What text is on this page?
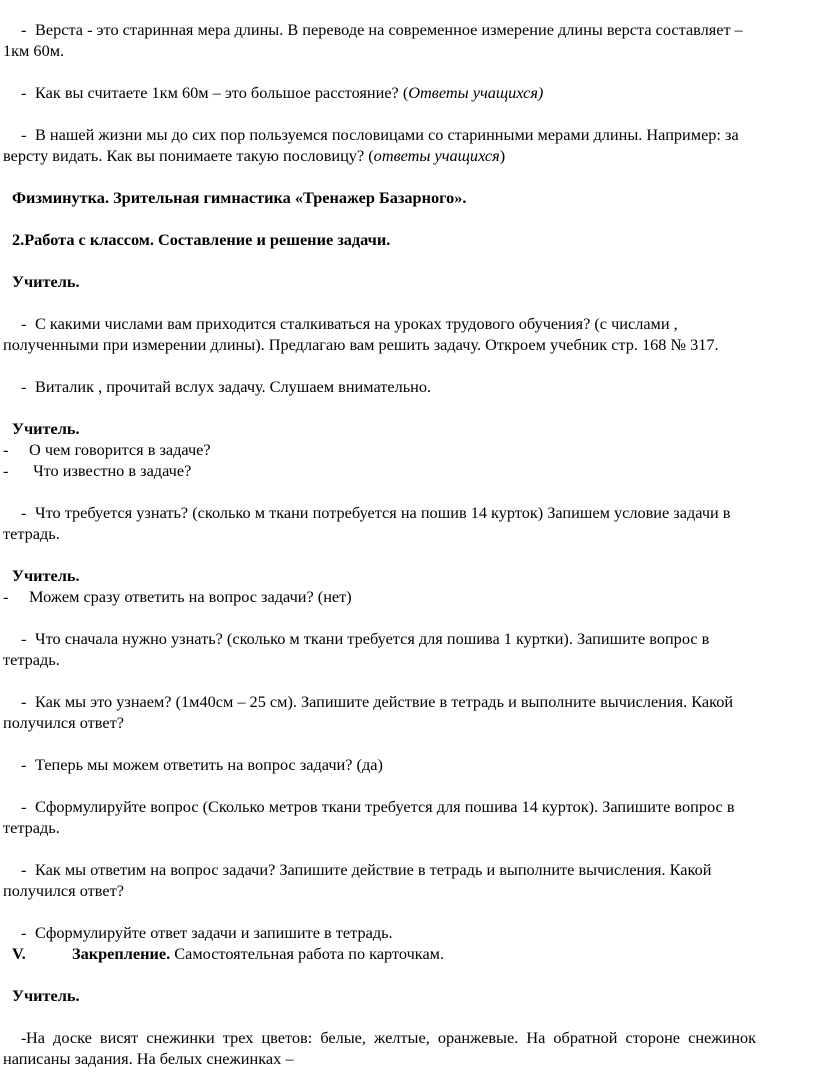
- Верста - это старинная мера длины. В переводе на современное измерение длины верста составляет – 1км 60м.

- Как вы считаете 1км 60м – это большое расстояние? (Ответы учащихся)

- В нашей жизни мы до сих пор пользуемся пословицами со старинными мерами длины. Например: за версту видать. Как вы понимаете такую пословицу? (ответы учащихся)

Физминутка. Зрительная гимнастика «Тренажер Базарного».

2.Работа с классом. Составление и решение задачи.

Учитель.

- С какими числами вам приходится сталкиваться на уроках трудового обучения? (с числами , полученными при измерении длины). Предлагаю вам решить задачу. Откроем учебник стр. 168 № 317.

- Виталик , прочитай вслух задачу. Слушаем внимательно.

Учитель.

- О чем говорится в задаче?

- Что известно в задаче?

- Что требуется узнать? (сколько м ткани потребуется на пошив 14 курток) Запишем условие задачи в тетрадь.

Учитель.

- Можем сразу ответить на вопрос задачи? (нет)

- Что сначала нужно узнать? (сколько м ткани требуется для пошива 1 куртки). Запишите вопрос в тетрадь.

- Как мы это узнаем? (1м40см – 25 см). Запишите действие в тетрадь и выполните вычисления. Какой получился ответ?

- Теперь мы можем ответить на вопрос задачи? (да)

- Сформулируйте вопрос (Сколько метров ткани требуется для пошива 14 курток). Запишите вопрос в тетрадь.

- Как мы ответим на вопрос задачи? Запишите действие в тетрадь и выполните вычисления. Какой получился ответ?

- Сформулируйте ответ задачи и запишите в тетрадь.

V.	Закрепление. Самостоятельная работа по карточкам.

Учитель.

-На доске висят снежинки трех цветов: белые, желтые, оранжевые. На обратной стороне снежинок написаны задания. На белых снежинках –
